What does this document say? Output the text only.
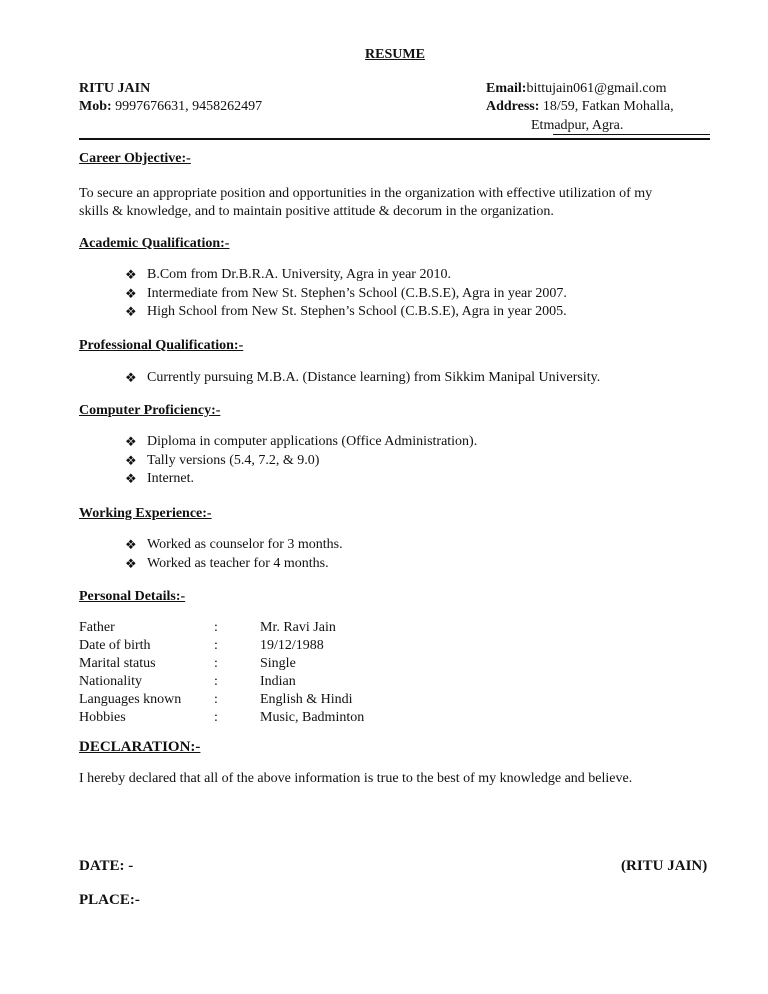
RESUME
RITU JAIN
Mob: 9997676631, 9458262497
Email:bittujain061@gmail.com
Address: 18/59, Fatkan Mohalla,
Etmadpur, Agra.
Career Objective:-
To secure an appropriate position and opportunities in the organization with effective utilization of my
skills & knowledge, and to maintain positive attitude & decorum in the organization.
Academic Qualification:-
❖ B.Com from Dr.B.R.A. University, Agra in year 2010.
❖ Intermediate from New St. Stephen’s School (C.B.S.E), Agra in year 2007.
❖ High School from New St. Stephen’s School (C.B.S.E), Agra in year 2005.
Professional Qualification:-
❖ Currently pursuing M.B.A. (Distance learning) from Sikkim Manipal University.
Computer Proficiency:-
❖ Diploma in computer applications (Office Administration).
❖ Tally versions (5.4, 7.2, & 9.0)
❖ Internet.
Working Experience:-
❖ Worked as counselor for 3 months.
❖ Worked as teacher for 4 months.
Personal Details:-
Father	:	Mr. Ravi Jain
Date of birth	:	19/12/1988
Marital status	:	Single
Nationality	:	Indian
Languages known	:	English & Hindi
Hobbies	:	Music, Badminton
DECLARATION:-
I hereby declared that all of the above information is true to the best of my knowledge and believe.
DATE: -	(RITU JAIN)
PLACE:-
